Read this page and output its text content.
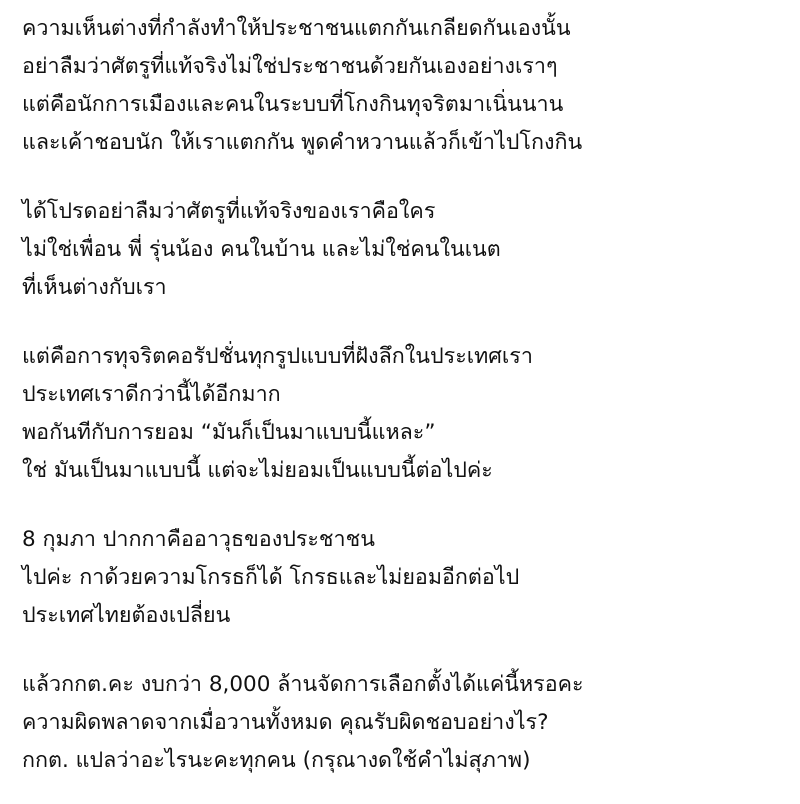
ความเห็นต่างที่กำลังทำให้ประชาชนแตกกันเกลียดกันเองนั้น
อย่าลืมว่าศัตรูที่แท้จริงไม่ใช่ประชาชนด้วยกันเองอย่างเราๆ
แต่คือนักการเมืองและคนในระบบที่โกงกินทุจริตมาเนิ่นนาน
และเค้าชอบนัก ให้เราแตกกัน พูดคำหวานแล้วก็เข้าไปโกงกิน
ได้โปรดอย่าลืมว่าศัตรูที่แท้จริงของเราคือใคร
ไม่ใช่เพื่อน พี่ รุ่นน้อง คนในบ้าน และไม่ใช่คนในเนต
ที่เห็นต่างกับเรา
แต่คือการทุจริตคอรัปชั่นทุกรูปแบบที่ฝังลึกในประเทศเรา
ประเทศเราดีกว่านี้ได้อีกมาก
พอกันทีกับการยอม “มันก็เป็นมาแบบนี้แหละ”
ใช่ มันเป็นมาแบบนี้ แต่จะไม่ยอมเป็นแบบนี้ต่อไปค่ะ
8 กุมภา ปากกาคืออาวุธของประชาชน
ไปค่ะ กาด้วยความโกรธก็ได้ โกรธและไม่ยอมอีกต่อไป
ประเทศไทยต้องเปลี่ยน
แล้วกกต.คะ งบกว่า 8,000 ล้านจัดการเลือกตั้งได้แค่นี้หรอคะ
ความผิดพลาดจากเมื่อวานทั้งหมด คุณรับผิดชอบอย่างไร?
กกต. แปลว่าอะไรนะคะทุกคน (กรุณางดใช้คำไม่สุภาพ)
